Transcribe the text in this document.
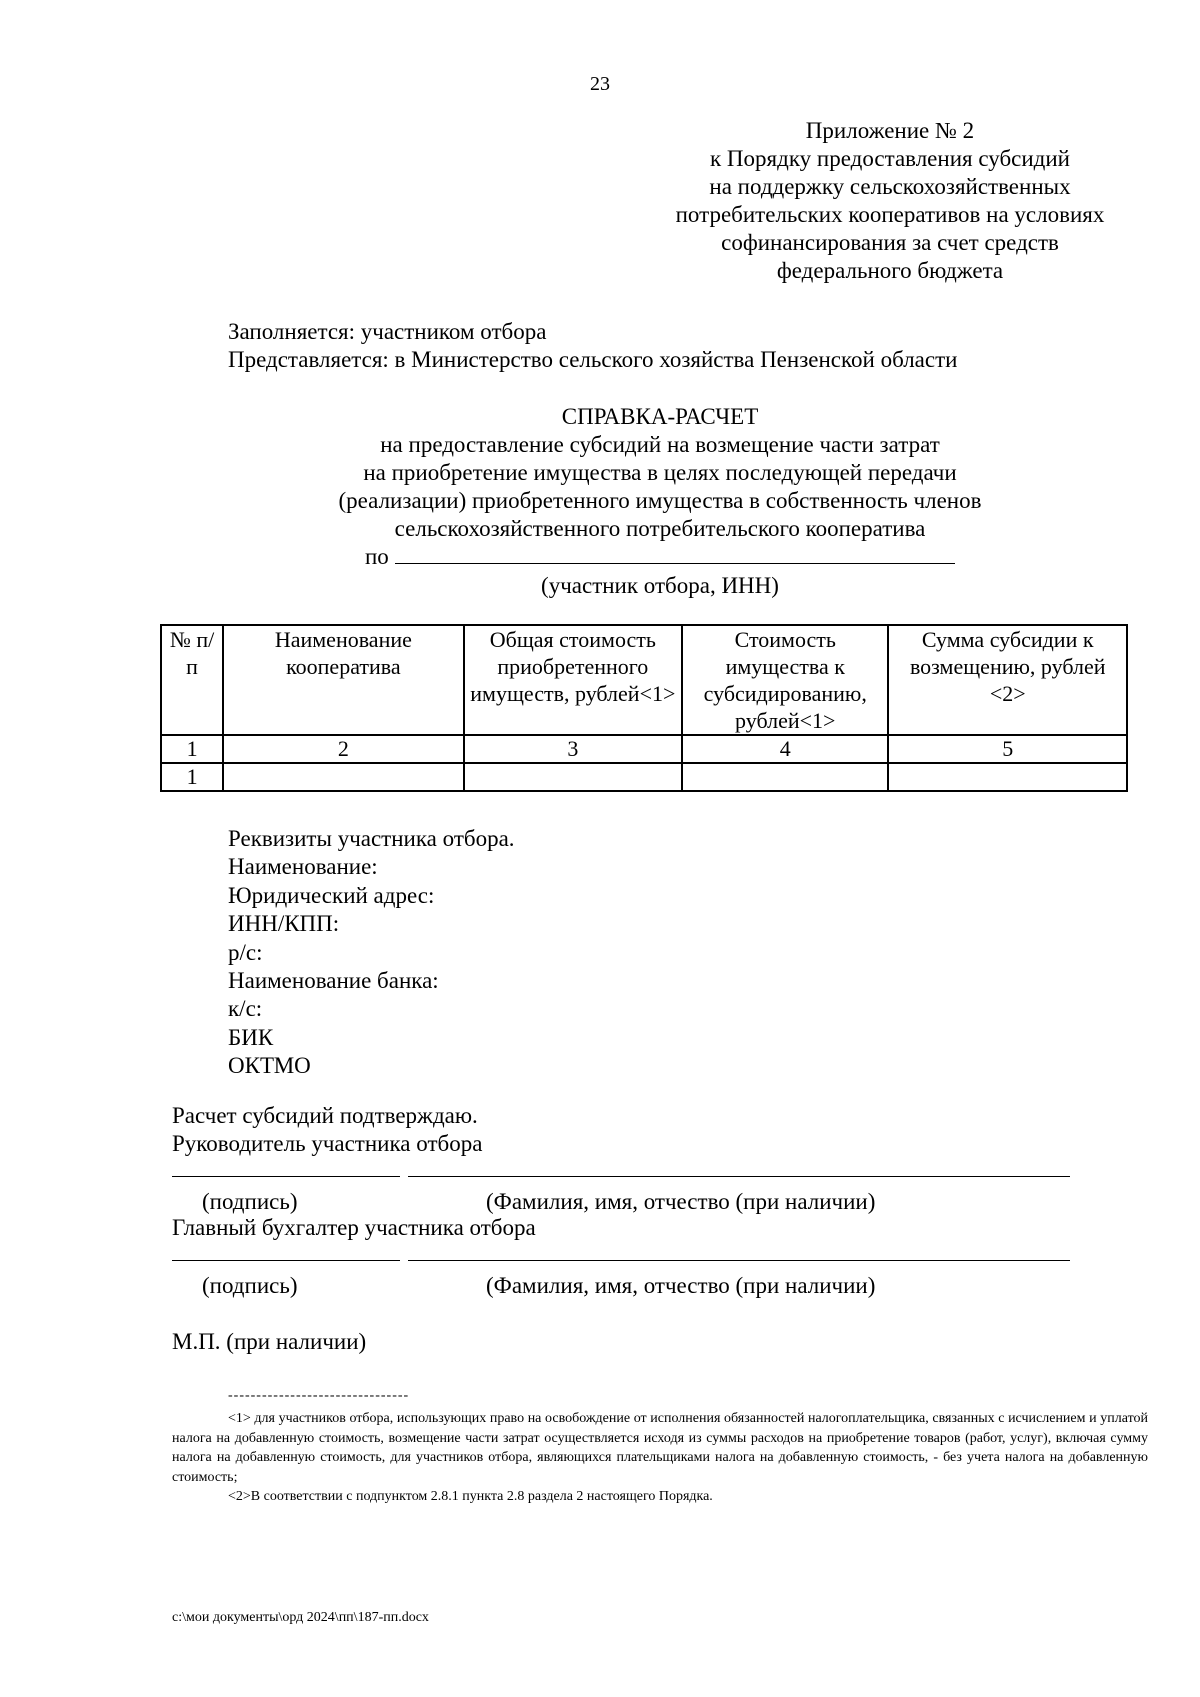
23
Приложение № 2
к Порядку предоставления субсидий
на поддержку сельскохозяйственных
потребительских кооперативов на условиях
софинансирования за счет средств
федерального бюджета
Заполняется: участником отбора
Представляется: в Министерство сельского хозяйства Пензенской области
СПРАВКА-РАСЧЕТ
на предоставление субсидий на возмещение части затрат
на приобретение имущества в целях последующей передачи
(реализации) приобретенного имущества в собственность членов
сельскохозяйственного потребительского кооператива
по
(участник отбора, ИНН)
№ п/п	Наименование кооператива	Общая стоимость приобретенного имуществ, рублей<1>	Стоимость имущества к субсидированию, рублей<1>	Сумма субсидии к возмещению, рублей <2>
1	2	3	4	5
1				
Реквизиты участника отбора.
Наименование:
Юридический адрес:
ИНН/КПП:
р/с:
Наименование банка:
к/с:
БИК
ОКТМО
Расчет субсидий подтверждаю.
Руководитель участника отбора
(подпись)	(Фамилия, имя, отчество (при наличии)
Главный бухгалтер участника отбора
(подпись)	(Фамилия, имя, отчество (при наличии)
М.П. (при наличии)
--------------------------------

<1> для участников отбора, использующих право на освобождение от исполнения обязанностей налогоплательщика, связанных с исчислением и уплатой налога на добавленную стоимость, возмещение части затрат осуществляется исходя из суммы расходов на приобретение товаров (работ, услуг), включая сумму налога на добавленную стоимость, для участников отбора, являющихся плательщиками налога на добавленную стоимость, - без учета налога на добавленную стоимость;

<2>В соответствии с подпунктом 2.8.1 пункта 2.8 раздела 2 настоящего Порядка.

c:\мои документы\орд 2024\пп\187-пп.docx
